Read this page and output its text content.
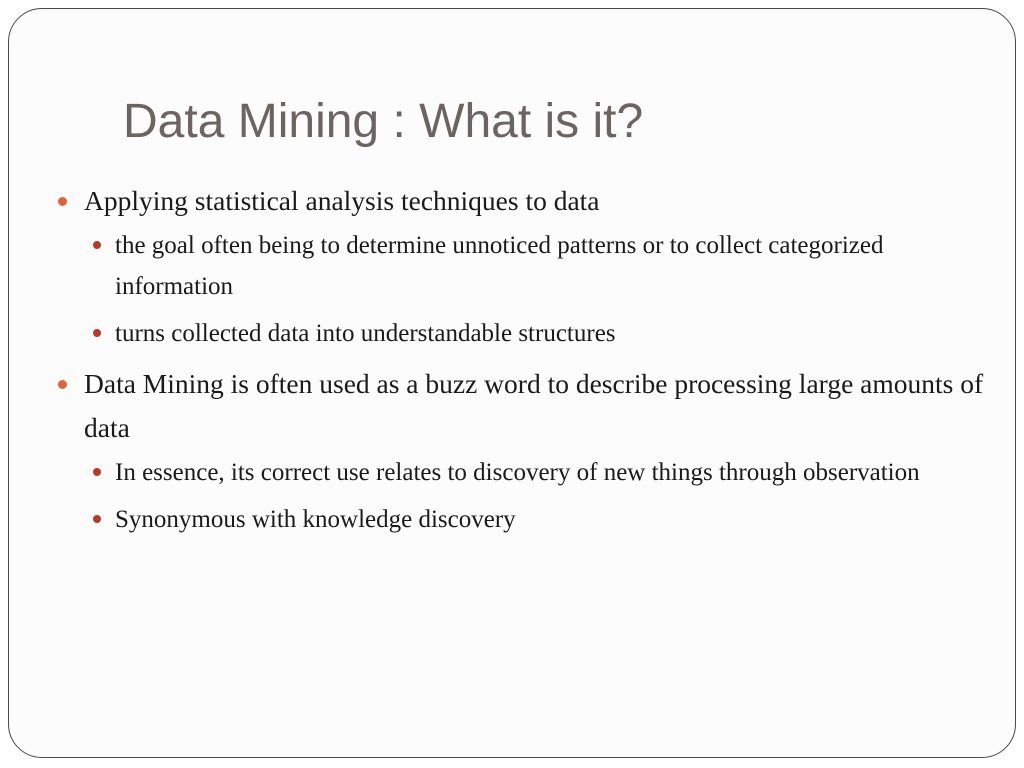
Data Mining : What is it?
Applying statistical analysis techniques to data
the goal often being to determine unnoticed patterns or to collect categorized information
turns collected data into understandable structures
Data Mining is often used as a buzz word to describe processing large amounts of data
In essence, its correct use relates to discovery of new things through observation
Synonymous with knowledge discovery
